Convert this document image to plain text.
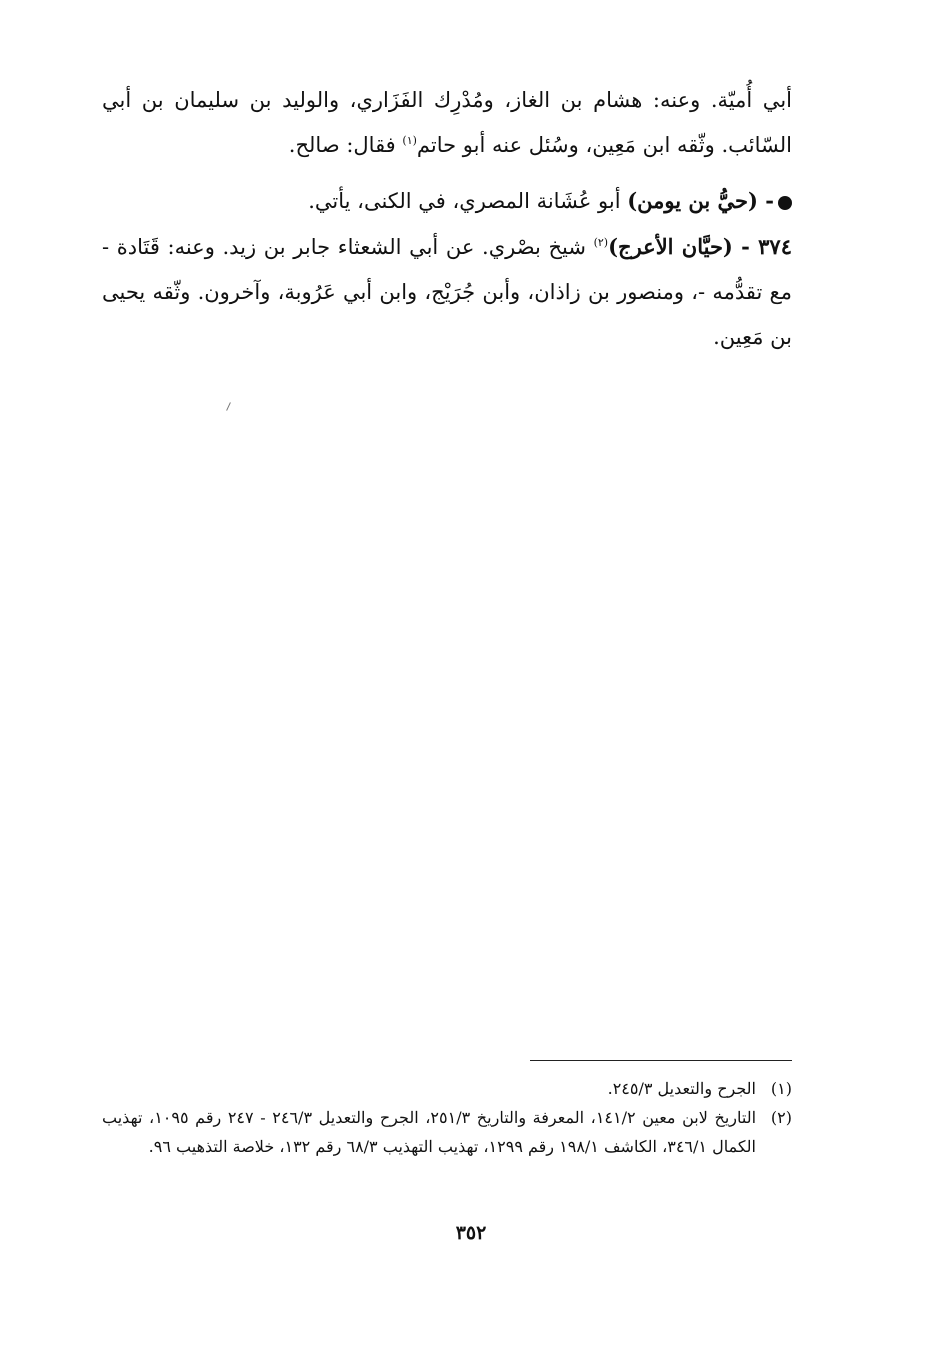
أبي أُميّة. وعنه: هشام بن الغاز، ومُدْرِك الفَزَاري، والوليد بن سليمان بن أبي السّائب. وثّقه ابن مَعِين، وسُئل عنه أبو حاتم$^{(١)}$ فقال: صالح.

- (حيُّ بن يومن) أبو عُشَانة المصري، في الكنى، يأتي.

٣٧٤ - (حيَّان الأعرج)$^{(٢)}$ شيخ بصْري. عن أبي الشعثاء جابر بن زيد. وعنه: قَتَادة - مع تقدُّمه -، ومنصور بن زاذان، وأبن جُرَيْج، وابن أبي عَرُوبة، وآخرون. وثّقه يحيى بن مَعِين.

(١)
الجرح والتعديل ٢٤٥/٣.
(٢)
التاريخ لابن معين ١٤١/٢، المعرفة والتاريخ ٢٥١/٣، الجرح والتعديل ٢٤٦/٣ - ٢٤٧ رقم ١٠٩٥، تهذيب الكمال ٣٤٦/١، الكاشف ١٩٨/١ رقم ١٢٩٩، تهذيب التهذيب ٦٨/٣ رقم ١٣٢، خلاصة التذهيب ٩٦.
٣٥٢
